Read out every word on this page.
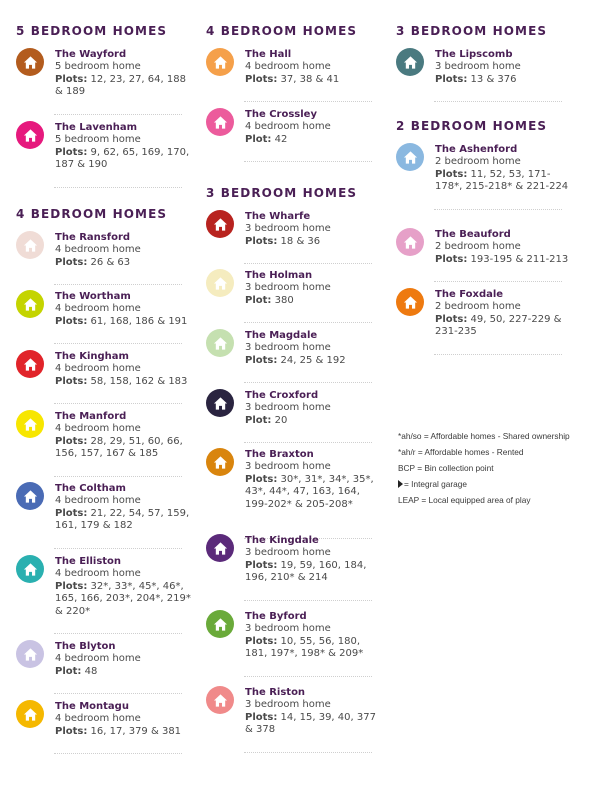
5 BEDROOM HOMES
The Wayford
5 bedroom home
Plots: 12, 23, 27, 64, 188 & 189
The Lavenham
5 bedroom home
Plots: 9, 62, 65, 169, 170, 187 & 190
4 BEDROOM HOMES
The Ransford
4 bedroom home
Plots: 26 & 63
The Wortham
4 bedroom home
Plots: 61, 168, 186 & 191
The Kingham
4 bedroom home
Plots: 58, 158, 162 & 183
The Manford
4 bedroom home
Plots: 28, 29, 51, 60, 66, 156, 157, 167 & 185
The Coltham
4 bedroom home
Plots: 21, 22, 54, 57, 159, 161, 179 & 182
The Elliston
4 bedroom home
Plots: 32*, 33*, 45*, 46*, 165, 166, 203*, 204*, 219* & 220*
The Blyton
4 bedroom home
Plot: 48
The Montagu
4 bedroom home
Plots: 16, 17, 379 & 381
4 BEDROOM HOMES
The Hall
4 bedroom home
Plots: 37, 38 & 41
The Crossley
4 bedroom home
Plot: 42
3 BEDROOM HOMES
The Wharfe
3 bedroom home
Plots: 18 & 36
The Holman
3 bedroom home
Plot: 380
The Magdale
3 bedroom home
Plots: 24, 25 & 192
The Croxford
3 bedroom home
Plot: 20
The Braxton
3 bedroom home
Plots: 30*, 31*, 34*, 35*, 43*, 44*, 47, 163, 164, 199-202* & 205-208*
The Kingdale
3 bedroom home
Plots: 19, 59, 160, 184, 196, 210* & 214
The Byford
3 bedroom home
Plots: 10, 55, 56, 180, 181, 197*, 198* & 209*
The Riston
3 bedroom home
Plots: 14, 15, 39, 40, 377 & 378
3 BEDROOM HOMES
The Lipscomb
3 bedroom home
Plots: 13 & 376
2 BEDROOM HOMES
The Ashenford
2 bedroom home
Plots: 11, 52, 53, 171-178*, 215-218* & 221-224
The Beauford
2 bedroom home
Plots: 193-195 & 211-213
The Foxdale
2 bedroom home
Plots: 49, 50, 227-229 & 231-235
*ah/so = Affordable homes - Shared ownership
*ah/r = Affordable homes - Rented
BCP = Bin collection point
= Integral garage
LEAP = Local equipped area of play
